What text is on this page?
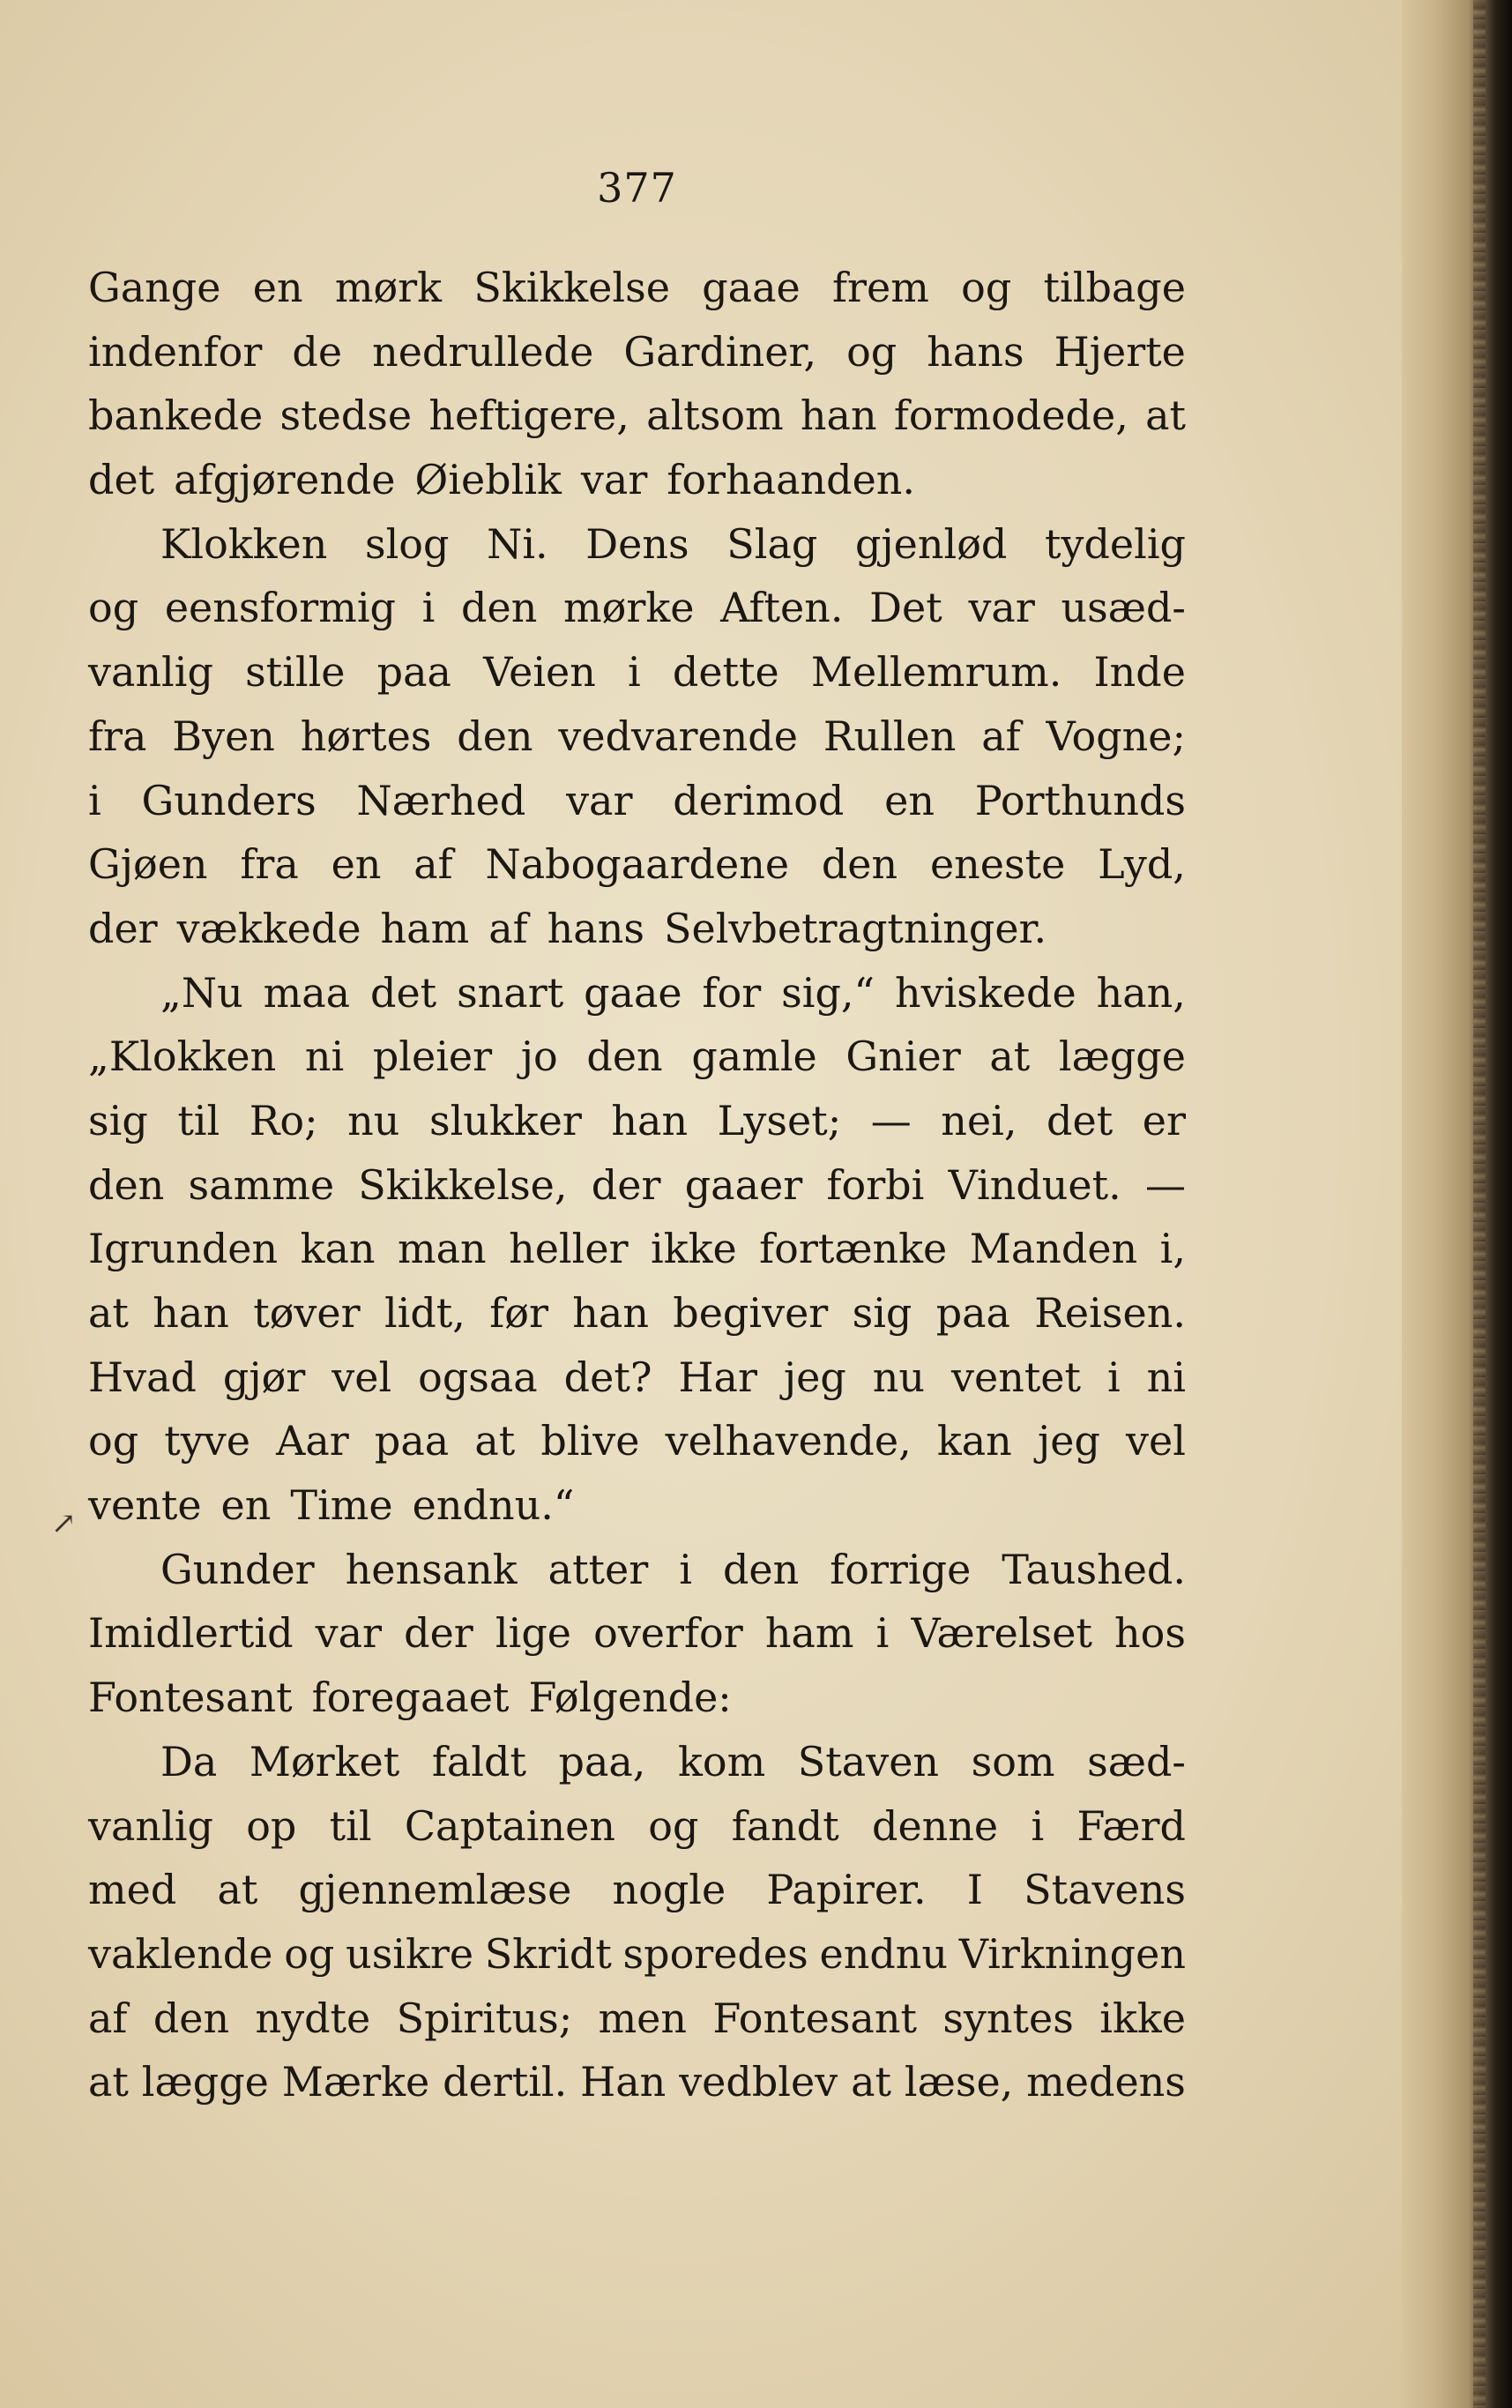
377
↗
Gange en mørk Skikkelse gaae frem og tilbage
indenfor de nedrullede Gardiner, og hans Hjerte
bankede stedse heftigere, altsom han formodede, at
det afgjørende Øieblik var forhaanden.
Klokken slog Ni. Dens Slag gjenlød tydelig
og eensformig i den mørke Aften. Det var usæd-
vanlig stille paa Veien i dette Mellemrum. Inde
fra Byen hørtes den vedvarende Rullen af Vogne;
i Gunders Nærhed var derimod en Porthunds
Gjøen fra en af Nabogaardene den eneste Lyd,
der vækkede ham af hans Selvbetragtninger.
„Nu maa det snart gaae for sig,“ hviskede han,
„Klokken ni pleier jo den gamle Gnier at lægge
sig til Ro; nu slukker han Lyset; — nei, det er
den samme Skikkelse, der gaaer forbi Vinduet. —
Igrunden kan man heller ikke fortænke Manden i,
at han tøver lidt, før han begiver sig paa Reisen.
Hvad gjør vel ogsaa det? Har jeg nu ventet i ni
og tyve Aar paa at blive velhavende, kan jeg vel
vente en Time endnu.“
Gunder hensank atter i den forrige Taushed.
Imidlertid var der lige overfor ham i Værelset hos
Fontesant foregaaet Følgende:
Da Mørket faldt paa, kom Staven som sæd-
vanlig op til Captainen og fandt denne i Færd
med at gjennemlæse nogle Papirer. I Stavens
vaklende og usikre Skridt sporedes endnu Virkningen
af den nydte Spiritus; men Fontesant syntes ikke
at lægge Mærke dertil. Han vedblev at læse, medens
